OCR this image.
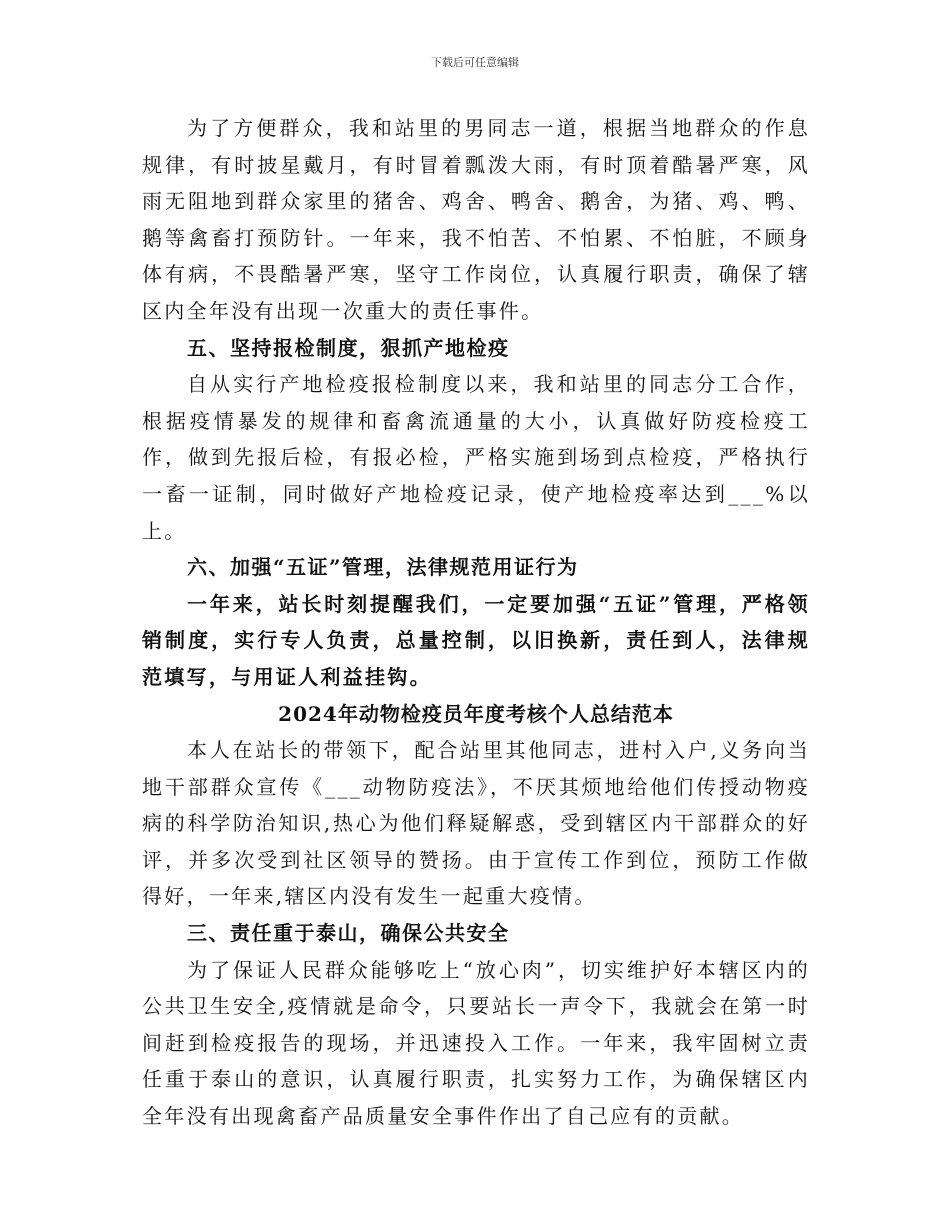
下载后可任意编辑

为了方便群众，我和站里的男同志一道，根据当地群众的作息规律，有时披星戴月，有时冒着瓢泼大雨，有时顶着酷暑严寒，风雨无阻地到群众家里的猪舍、鸡舍、鸭舍、鹅舍，为猪、鸡、鸭、鹅等禽畜打预防针。一年来，我不怕苦、不怕累、不怕脏，不顾身体有病，不畏酷暑严寒，坚守工作岗位，认真履行职责，确保了辖区内全年没有出现一次重大的责任事件。

五、坚持报检制度，狠抓产地检疫

自从实行产地检疫报检制度以来，我和站里的同志分工合作，根据疫情暴发的规律和畜禽流通量的大小，认真做好防疫检疫工作，做到先报后检，有报必检，严格实施到场到点检疫，严格执行一畜一证制，同时做好产地检疫记录，使产地检疫率达到___%以上。

六、加强“五证”管理，法律规范用证行为

一年来，站长时刻提醒我们，一定要加强“五证”管理，严格领销制度，实行专人负责，总量控制，以旧换新，责任到人，法律规范填写，与用证人利益挂钩。

2024年动物检疫员年度考核个人总结范本

本人在站长的带领下，配合站里其他同志，进村入户,义务向当地干部群众宣传《___动物防疫法》，不厌其烦地给他们传授动物疫病的科学防治知识,热心为他们释疑解惑，受到辖区内干部群众的好评，并多次受到社区领导的赞扬。由于宣传工作到位，预防工作做得好，一年来,辖区内没有发生一起重大疫情。

三、责任重于泰山，确保公共安全

为了保证人民群众能够吃上“放心肉”，切实维护好本辖区内的公共卫生安全,疫情就是命令，只要站长一声令下，我就会在第一时间赶到检疫报告的现场，并迅速投入工作。一年来，我牢固树立责任重于泰山的意识，认真履行职责，扎实努力工作，为确保辖区内全年没有出现禽畜产品质量安全事件作出了自己应有的贡献。
